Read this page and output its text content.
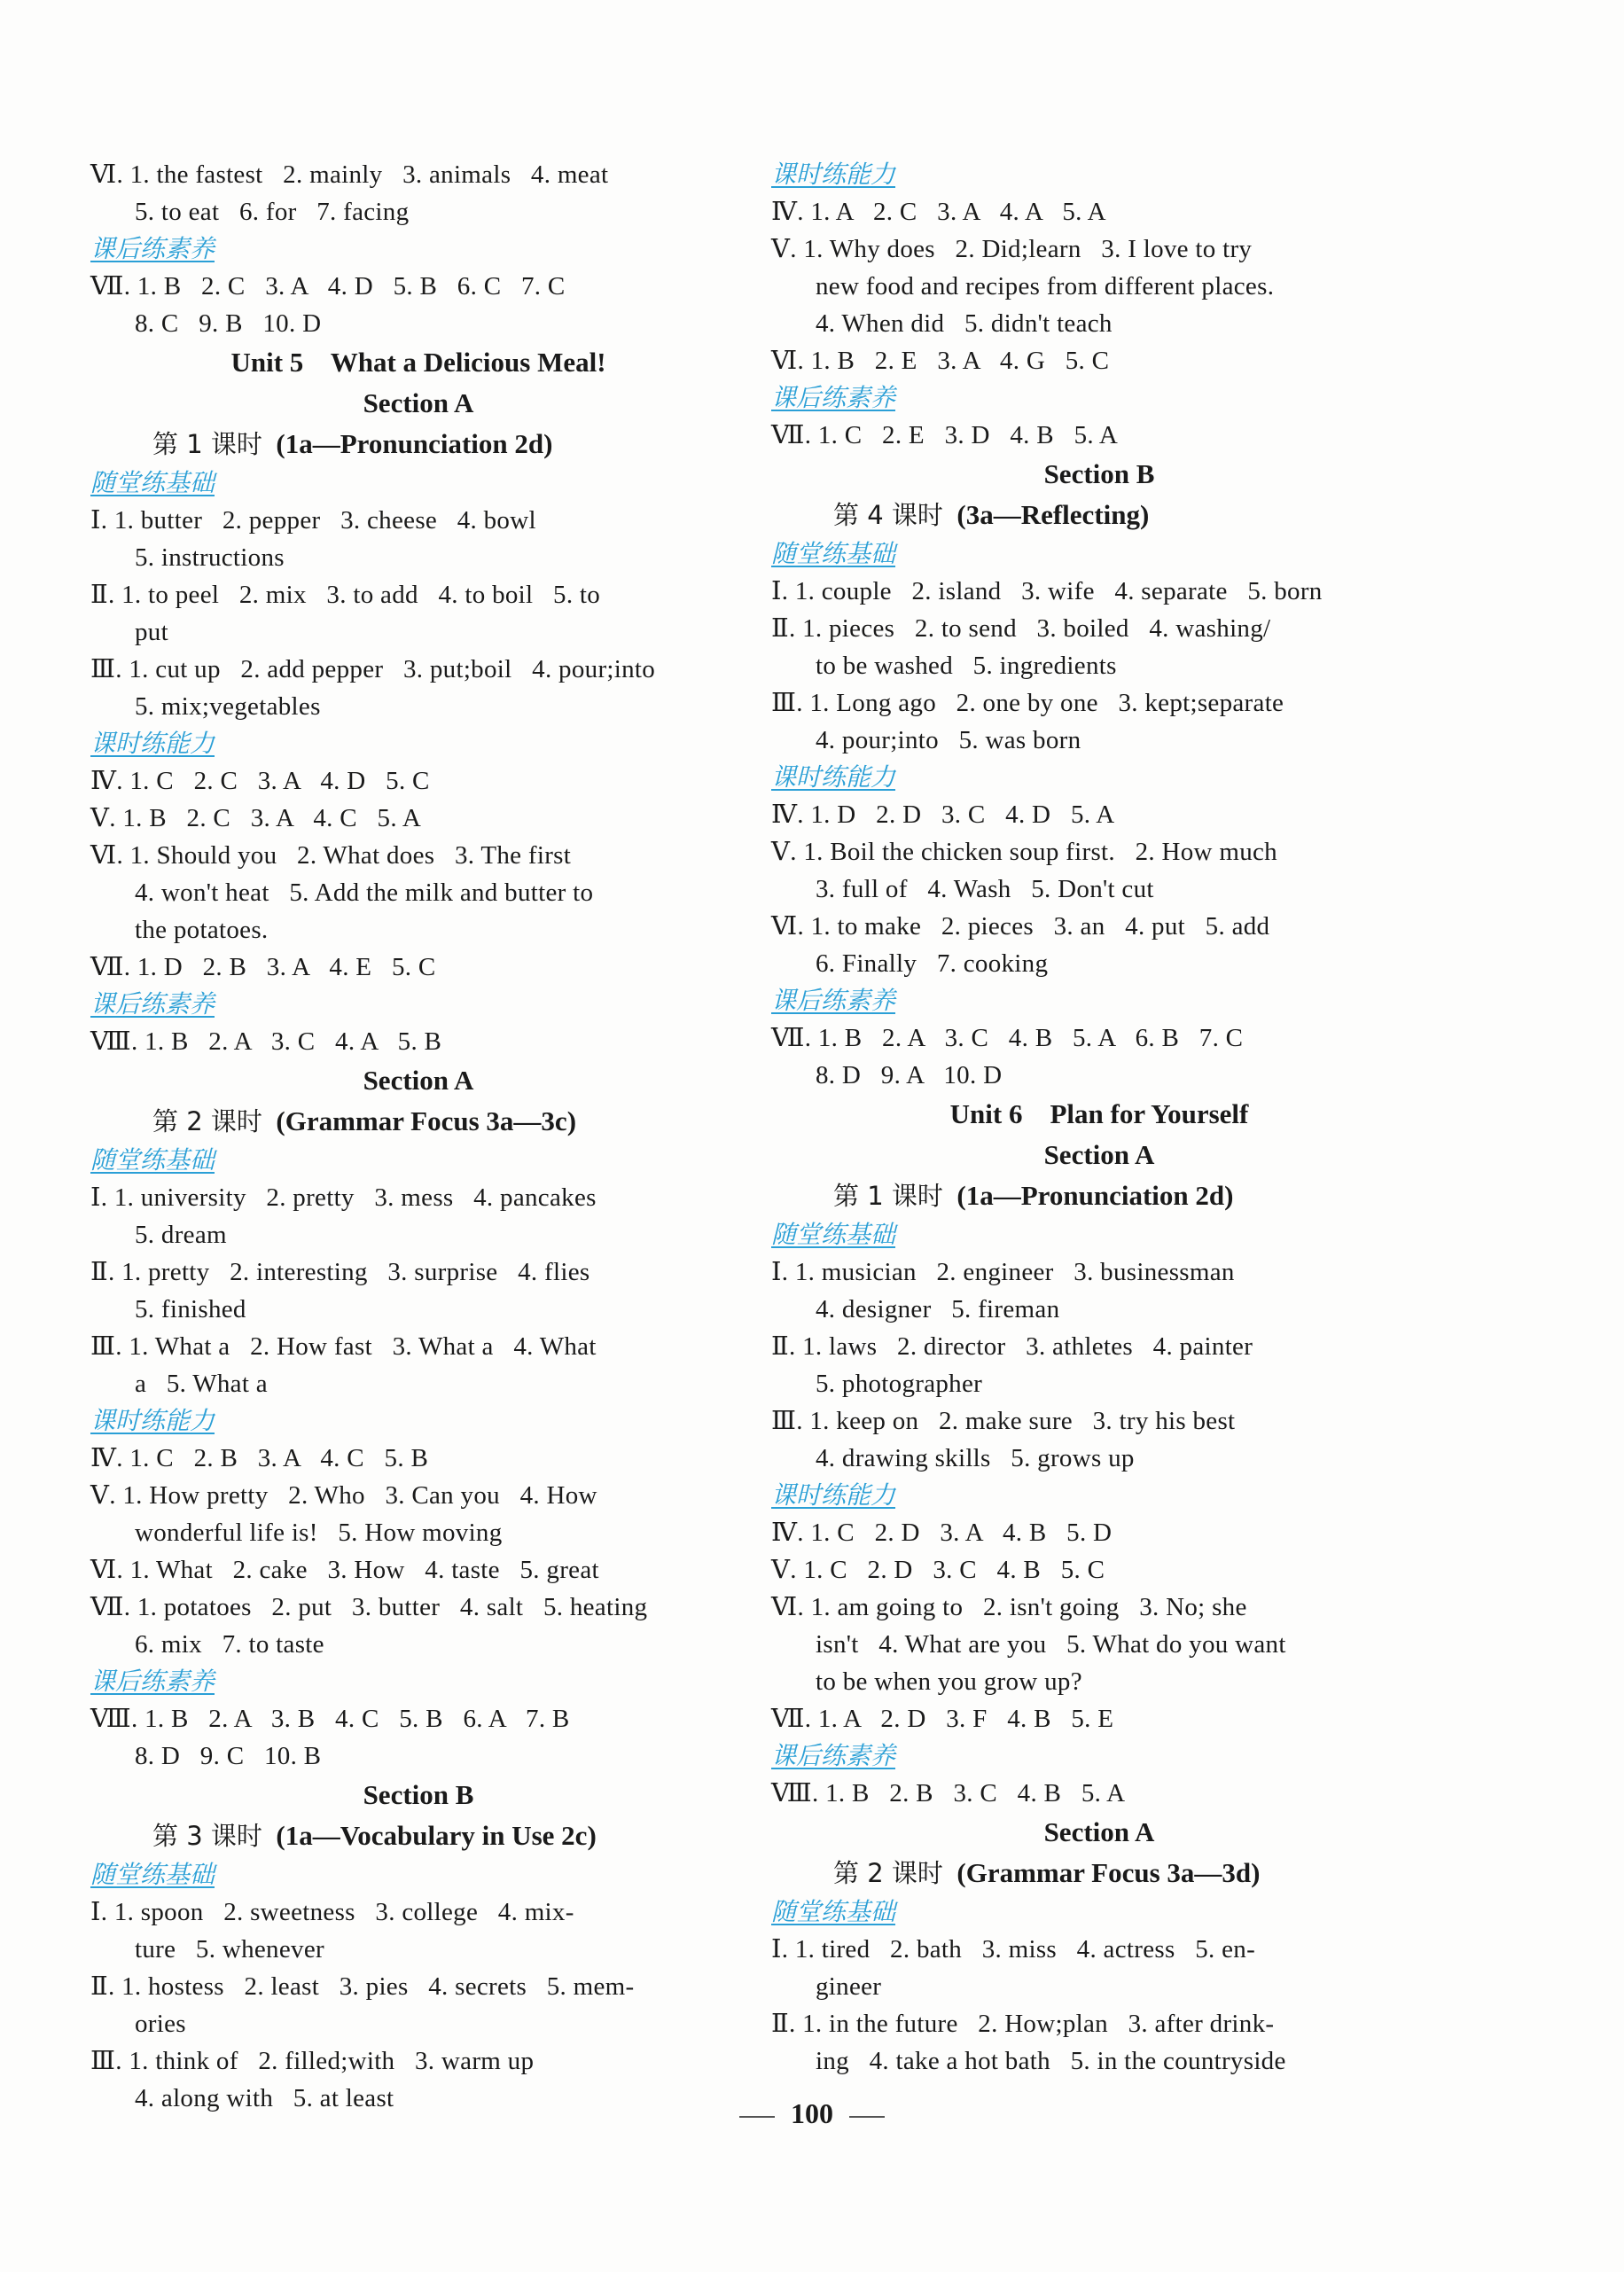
Ⅵ. 1. the fastest   2. mainly   3. animals   4. meat
5. to eat   6. for   7. facing
课后练素养
Ⅶ. 1. B   2. C   3. A   4. D   5. B   6. C   7. C
8. C   9. B   10. D
Unit 5    What a Delicious Meal!
Section A
第 1 课时  (1a—Pronunciation 2d)
随堂练基础
Ⅰ. 1. butter   2. pepper   3. cheese   4. bowl
5. instructions
Ⅱ. 1. to peel   2. mix   3. to add   4. to boil   5. to
put
Ⅲ. 1. cut up   2. add pepper   3. put;boil   4. pour;into
5. mix;vegetables
课时练能力
Ⅳ. 1. C   2. C   3. A   4. D   5. C
Ⅴ. 1. B   2. C   3. A   4. C   5. A
Ⅵ. 1. Should you   2. What does   3. The first
4. won't heat   5. Add the milk and butter to
the potatoes.
Ⅶ. 1. D   2. B   3. A   4. E   5. C
课后练素养
Ⅷ. 1. B   2. A   3. C   4. A   5. B
Section A
第 2 课时  (Grammar Focus 3a—3c)
随堂练基础
Ⅰ. 1. university   2. pretty   3. mess   4. pancakes
5. dream
Ⅱ. 1. pretty   2. interesting   3. surprise   4. flies
5. finished
Ⅲ. 1. What a   2. How fast   3. What a   4. What
a   5. What a
课时练能力
Ⅳ. 1. C   2. B   3. A   4. C   5. B
Ⅴ. 1. How pretty   2. Who   3. Can you   4. How
wonderful life is!   5. How moving
Ⅵ. 1. What   2. cake   3. How   4. taste   5. great
Ⅶ. 1. potatoes   2. put   3. butter   4. salt   5. heating
6. mix   7. to taste
课后练素养
Ⅷ. 1. B   2. A   3. B   4. C   5. B   6. A   7. B
8. D   9. C   10. B
Section B
第 3 课时  (1a—Vocabulary in Use 2c)
随堂练基础
Ⅰ. 1. spoon   2. sweetness   3. college   4. mix-
ture   5. whenever
Ⅱ. 1. hostess   2. least   3. pies   4. secrets   5. mem-
ories
Ⅲ. 1. think of   2. filled;with   3. warm up
4. along with   5. at least
课时练能力
Ⅳ. 1. A   2. C   3. A   4. A   5. A
Ⅴ. 1. Why does   2. Did;learn   3. I love to try
new food and recipes from different places.
4. When did   5. didn't teach
Ⅵ. 1. B   2. E   3. A   4. G   5. C
课后练素养
Ⅶ. 1. C   2. E   3. D   4. B   5. A
Section B
第 4 课时  (3a—Reflecting)
随堂练基础
Ⅰ. 1. couple   2. island   3. wife   4. separate   5. born
Ⅱ. 1. pieces   2. to send   3. boiled   4. washing/
to be washed   5. ingredients
Ⅲ. 1. Long ago   2. one by one   3. kept;separate
4. pour;into   5. was born
课时练能力
Ⅳ. 1. D   2. D   3. C   4. D   5. A
Ⅴ. 1. Boil the chicken soup first.   2. How much
3. full of   4. Wash   5. Don't cut
Ⅵ. 1. to make   2. pieces   3. an   4. put   5. add
6. Finally   7. cooking
课后练素养
Ⅶ. 1. B   2. A   3. C   4. B   5. A   6. B   7. C
8. D   9. A   10. D
Unit 6    Plan for Yourself
Section A
第 1 课时  (1a—Pronunciation 2d)
随堂练基础
Ⅰ. 1. musician   2. engineer   3. businessman
4. designer   5. fireman
Ⅱ. 1. laws   2. director   3. athletes   4. painter
5. photographer
Ⅲ. 1. keep on   2. make sure   3. try his best
4. drawing skills   5. grows up
课时练能力
Ⅳ. 1. C   2. D   3. A   4. B   5. D
Ⅴ. 1. C   2. D   3. C   4. B   5. C
Ⅵ. 1. am going to   2. isn't going   3. No; she
isn't   4. What are you   5. What do you want
to be when you grow up?
Ⅶ. 1. A   2. D   3. F   4. B   5. E
课后练素养
Ⅷ. 1. B   2. B   3. C   4. B   5. A
Section A
第 2 课时  (Grammar Focus 3a—3d)
随堂练基础
Ⅰ. 1. tired   2. bath   3. miss   4. actress   5. en-
gineer
Ⅱ. 1. in the future   2. How;plan   3. after drink-
ing   4. take a hot bath   5. in the countryside
100
